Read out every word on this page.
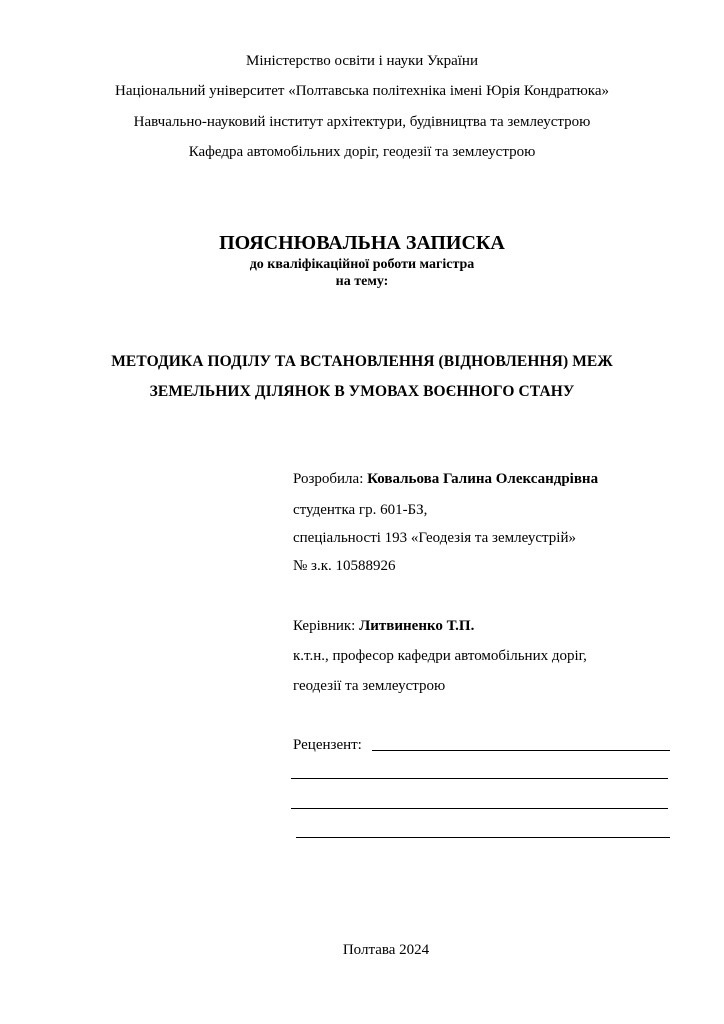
Міністерство освіти і науки України
Національний університет «Полтавська політехніка імені Юрія Кондратюка»
Навчально-науковий інститут архітектури, будівництва та землеустрою
Кафедра автомобільних доріг, геодезії та землеустрою
ПОЯСНЮВАЛЬНА ЗАПИСКА
до кваліфікаційної роботи магістра
на тему:
МЕТОДИКА ПОДІЛУ ТА ВСТАНОВЛЕННЯ (ВІДНОВЛЕННЯ) МЕЖ
ЗЕМЕЛЬНИХ ДІЛЯНОК В УМОВАХ ВОЄННОГО СТАНУ
Розробила: Ковальова Галина Олександрівна
студентка гр. 601-БЗ,
спеціальності 193 «Геодезія та землеустрій»
№ з.к. 10588926
Керівник: Литвиненко Т.П.
к.т.н., професор кафедри автомобільних доріг,
геодезії та землеустрою
Рецензент:
Полтава 2024
